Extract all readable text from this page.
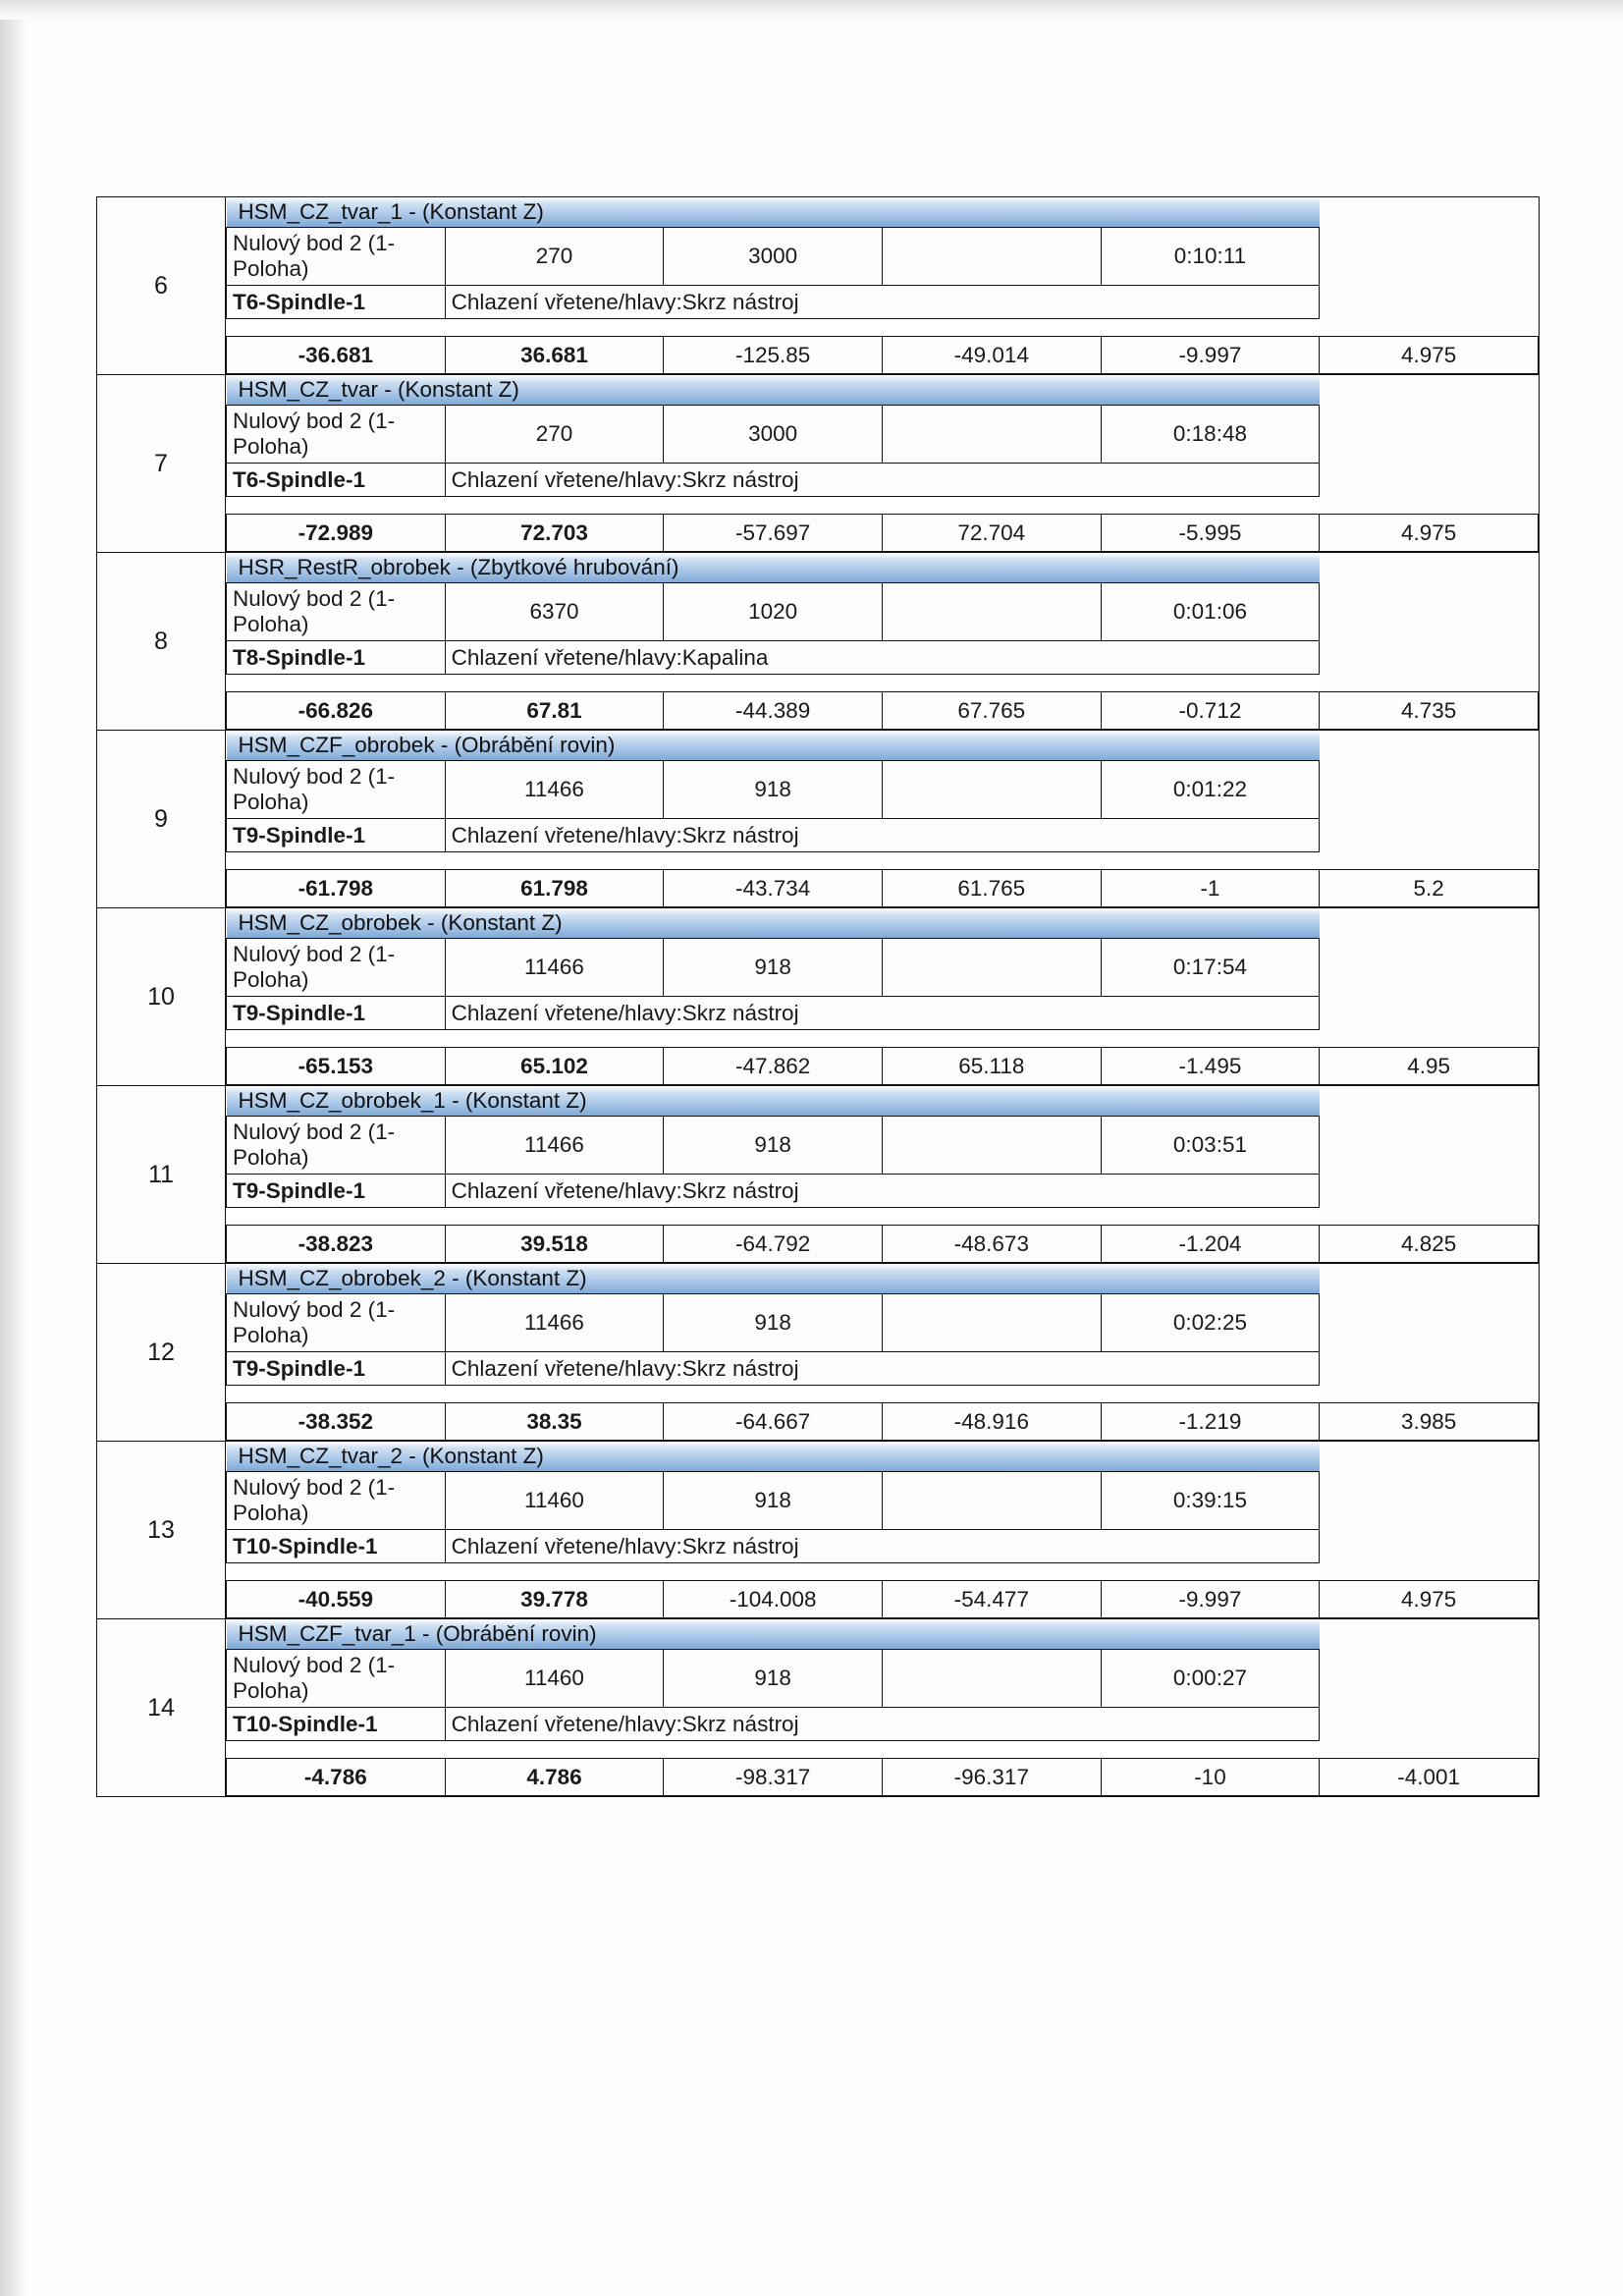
6	
HSM_CZ_tvar_1 - (Konstant Z)

Nulový bod 2 (1- Poloha)	270	3000		0:10:11
T6-Spindle-1	Chlazení vřetene/hlavy:Skrz nástroj

-36.681	36.681	-125.85	-49.014	-9.997	4.975

7	
HSM_CZ_tvar - (Konstant Z)

Nulový bod 2 (1- Poloha)	270	3000		0:18:48
T6-Spindle-1	Chlazení vřetene/hlavy:Skrz nástroj

-72.989	72.703	-57.697	72.704	-5.995	4.975

8	
HSR_RestR_obrobek - (Zbytkové hrubování)

Nulový bod 2 (1- Poloha)	6370	1020		0:01:06
T8-Spindle-1	Chlazení vřetene/hlavy:Kapalina

-66.826	67.81	-44.389	67.765	-0.712	4.735

9	
HSM_CZF_obrobek - (Obrábění rovin)

Nulový bod 2 (1- Poloha)	11466	918		0:01:22
T9-Spindle-1	Chlazení vřetene/hlavy:Skrz nástroj

-61.798	61.798	-43.734	61.765	-1	5.2

10	
HSM_CZ_obrobek - (Konstant Z)

Nulový bod 2 (1- Poloha)	11466	918		0:17:54
T9-Spindle-1	Chlazení vřetene/hlavy:Skrz nástroj

-65.153	65.102	-47.862	65.118	-1.495	4.95

11	
HSM_CZ_obrobek_1 - (Konstant Z)

Nulový bod 2 (1- Poloha)	11466	918		0:03:51
T9-Spindle-1	Chlazení vřetene/hlavy:Skrz nástroj

-38.823	39.518	-64.792	-48.673	-1.204	4.825

12	
HSM_CZ_obrobek_2 - (Konstant Z)

Nulový bod 2 (1- Poloha)	11466	918		0:02:25
T9-Spindle-1	Chlazení vřetene/hlavy:Skrz nástroj

-38.352	38.35	-64.667	-48.916	-1.219	3.985

13	
HSM_CZ_tvar_2 - (Konstant Z)

Nulový bod 2 (1- Poloha)	11460	918		0:39:15
T10-Spindle-1	Chlazení vřetene/hlavy:Skrz nástroj

-40.559	39.778	-104.008	-54.477	-9.997	4.975

14	
HSM_CZF_tvar_1 - (Obrábění rovin)

Nulový bod 2 (1- Poloha)	11460	918		0:00:27
T10-Spindle-1	Chlazení vřetene/hlavy:Skrz nástroj

-4.786	4.786	-98.317	-96.317	-10	-4.001
